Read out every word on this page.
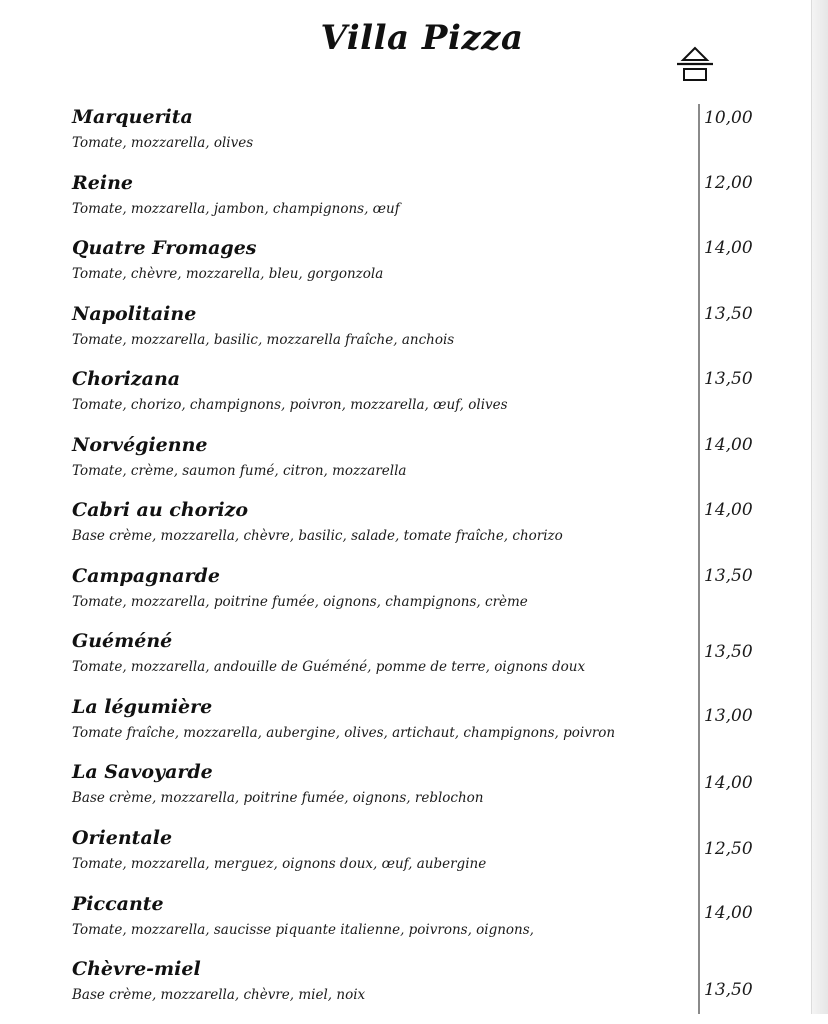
Villa Pizza
Marquerita
Tomate, mozzarella, olives
10,00
Reine
Tomate, mozzarella, jambon, champignons, œuf
12,00
Quatre Fromages
Tomate, chèvre, mozzarella, bleu, gorgonzola
14,00
Napolitaine
Tomate, mozzarella, basilic, mozzarella fraîche, anchois
13,50
Chorizana
Tomate, chorizo, champignons, poivron, mozzarella, œuf, olives
13,50
Norvégienne
Tomate, crème, saumon fumé, citron, mozzarella
14,00
Cabri au chorizo
Base crème, mozzarella, chèvre, basilic, salade, tomate fraîche, chorizo
14,00
Campagnarde
Tomate, mozzarella, poitrine fumée, oignons, champignons, crème
13,50
Guéméné
Tomate, mozzarella, andouille de Guéméné, pomme de terre, oignons doux
13,50
La légumière
Tomate fraîche, mozzarella, aubergine, olives, artichaut, champignons, poivron
13,00
La Savoyarde
Base crème, mozzarella, poitrine fumée, oignons, reblochon
14,00
Orientale
Tomate, mozzarella, merguez, oignons doux, œuf, aubergine
12,50
Piccante
Tomate, mozzarella, saucisse piquante italienne, poivrons, oignons,
14,00
Chèvre-miel
Base crème, mozzarella, chèvre, miel, noix	13,50
